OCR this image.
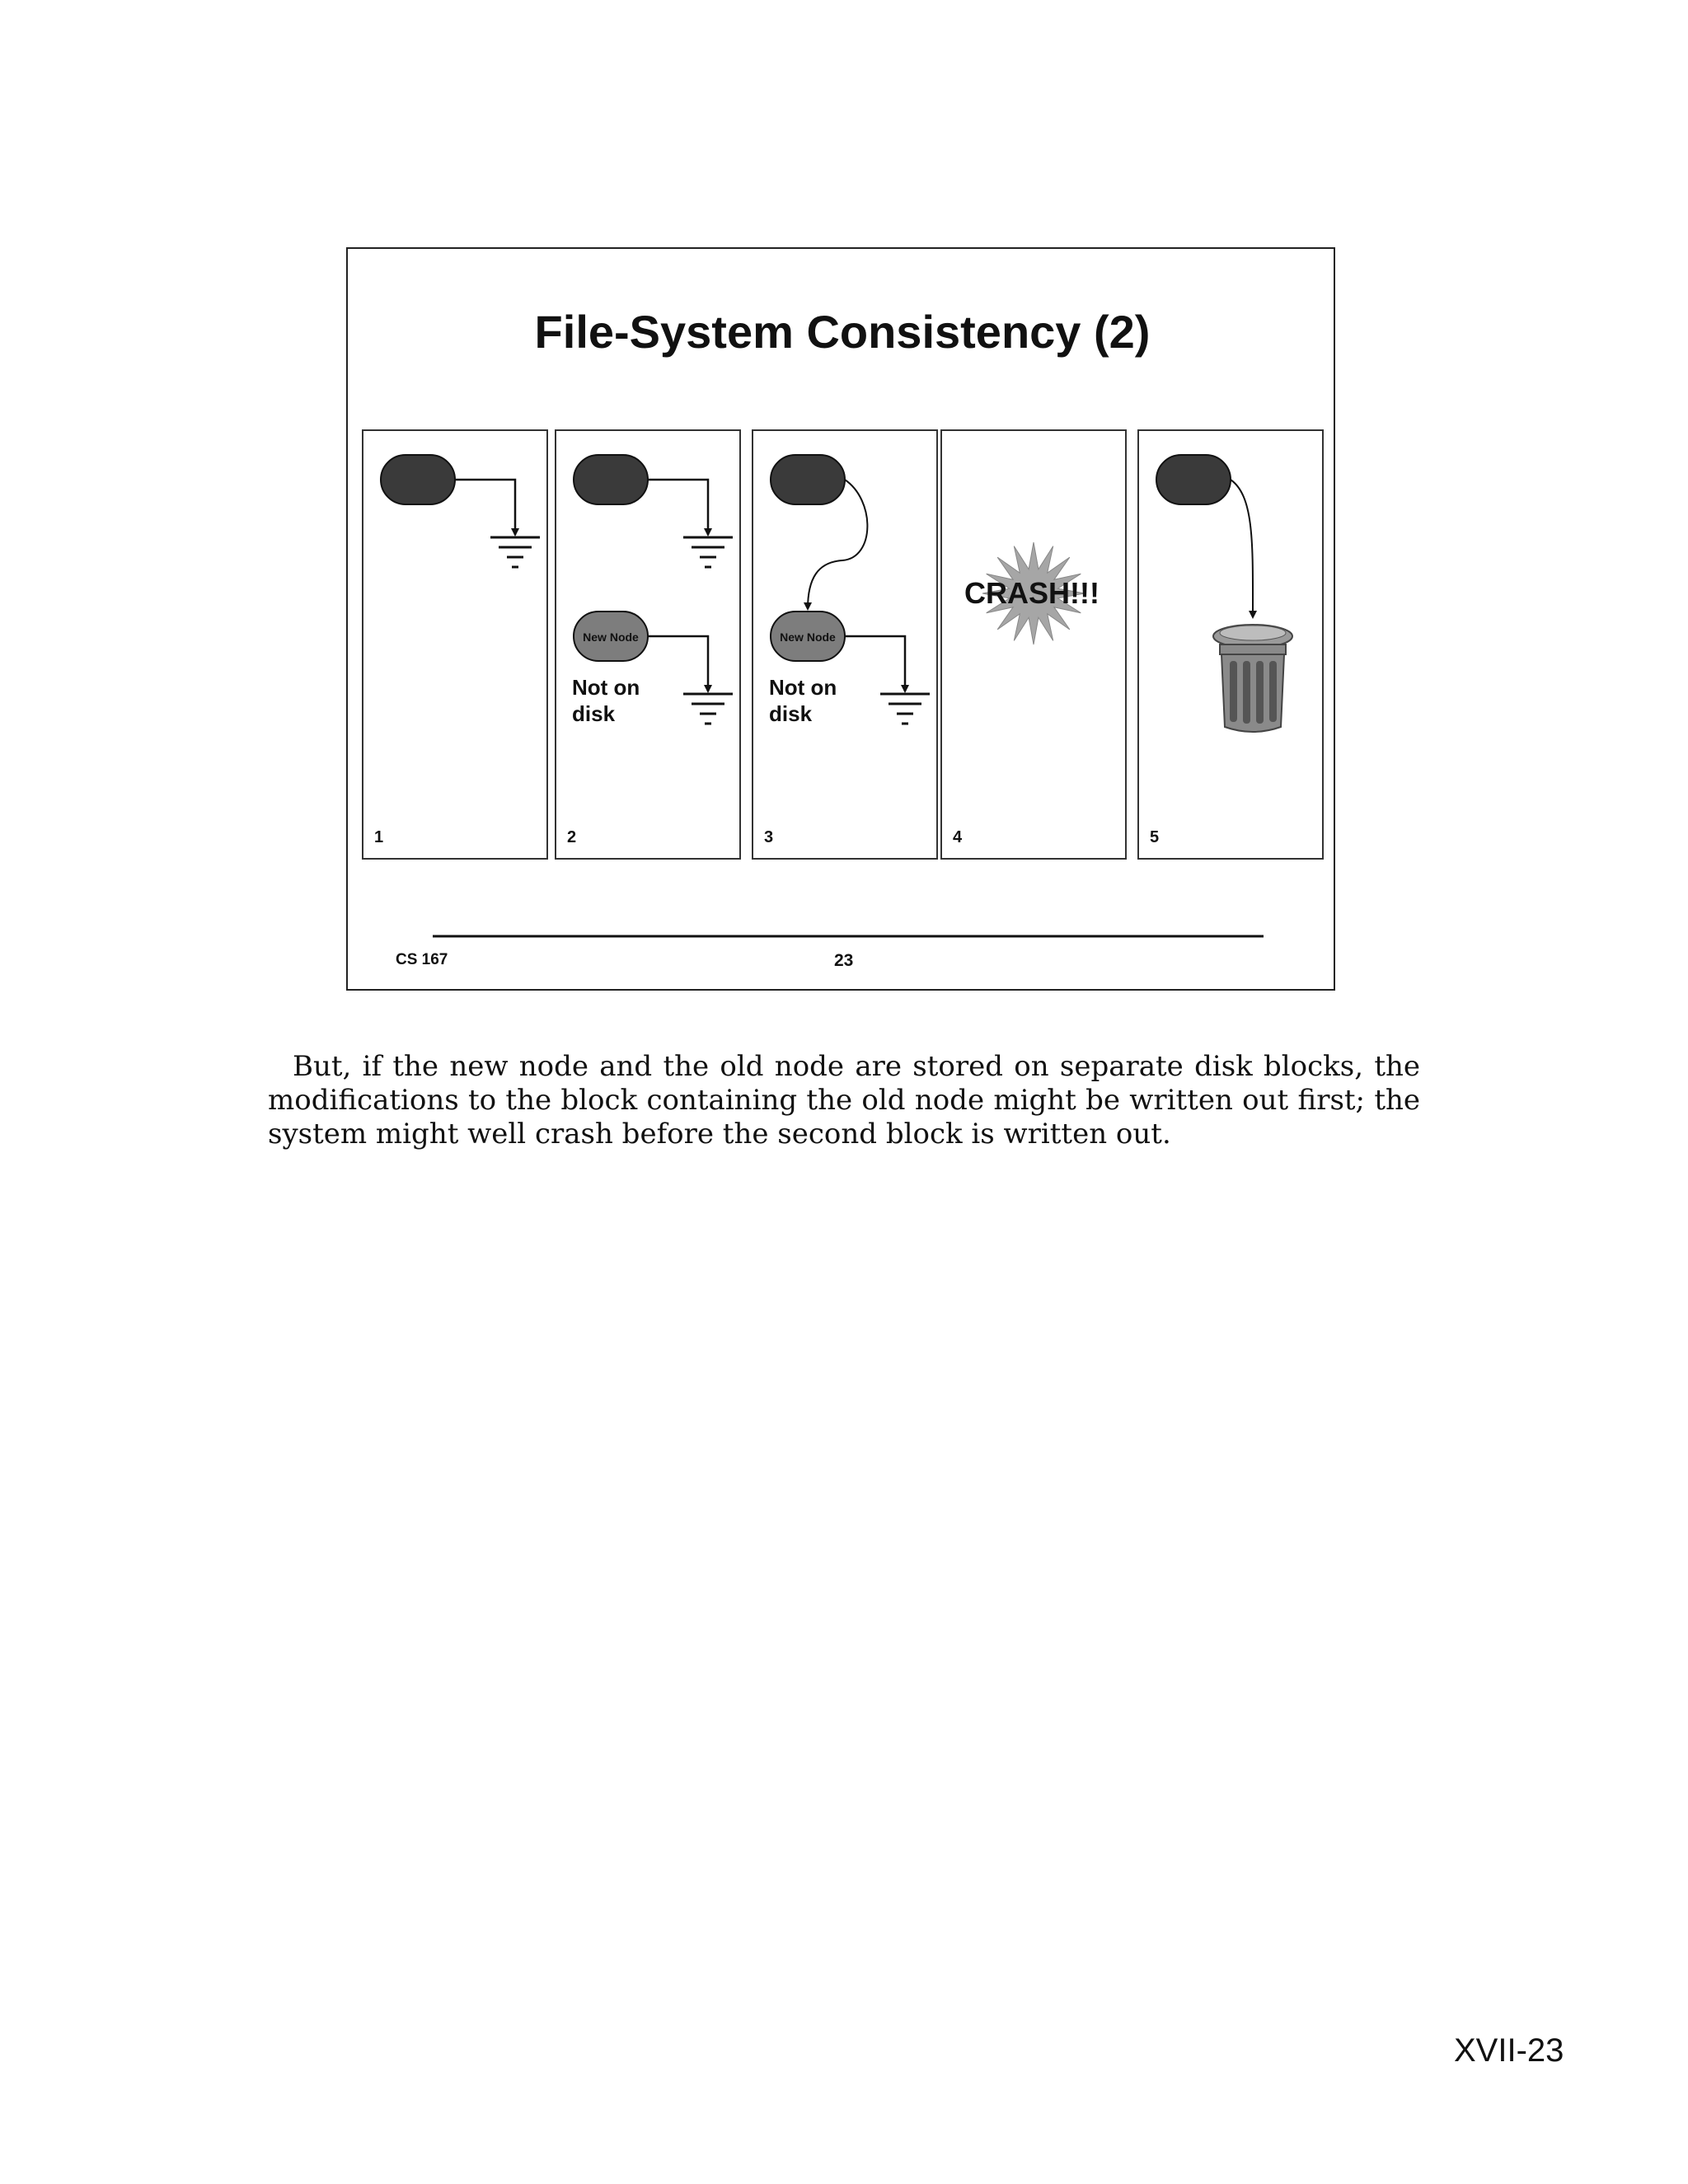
File-System Consistency (2)
1
New Node
Not on
disk
2
New Node
Not on
disk
3
CRASH!!!
4	5
CS 167	23

But, if the new node and the old node are stored on separate disk blocks, the modifications to the block containing the old node might be written out first; the system might well crash before the second block is written out.

XVII-23
